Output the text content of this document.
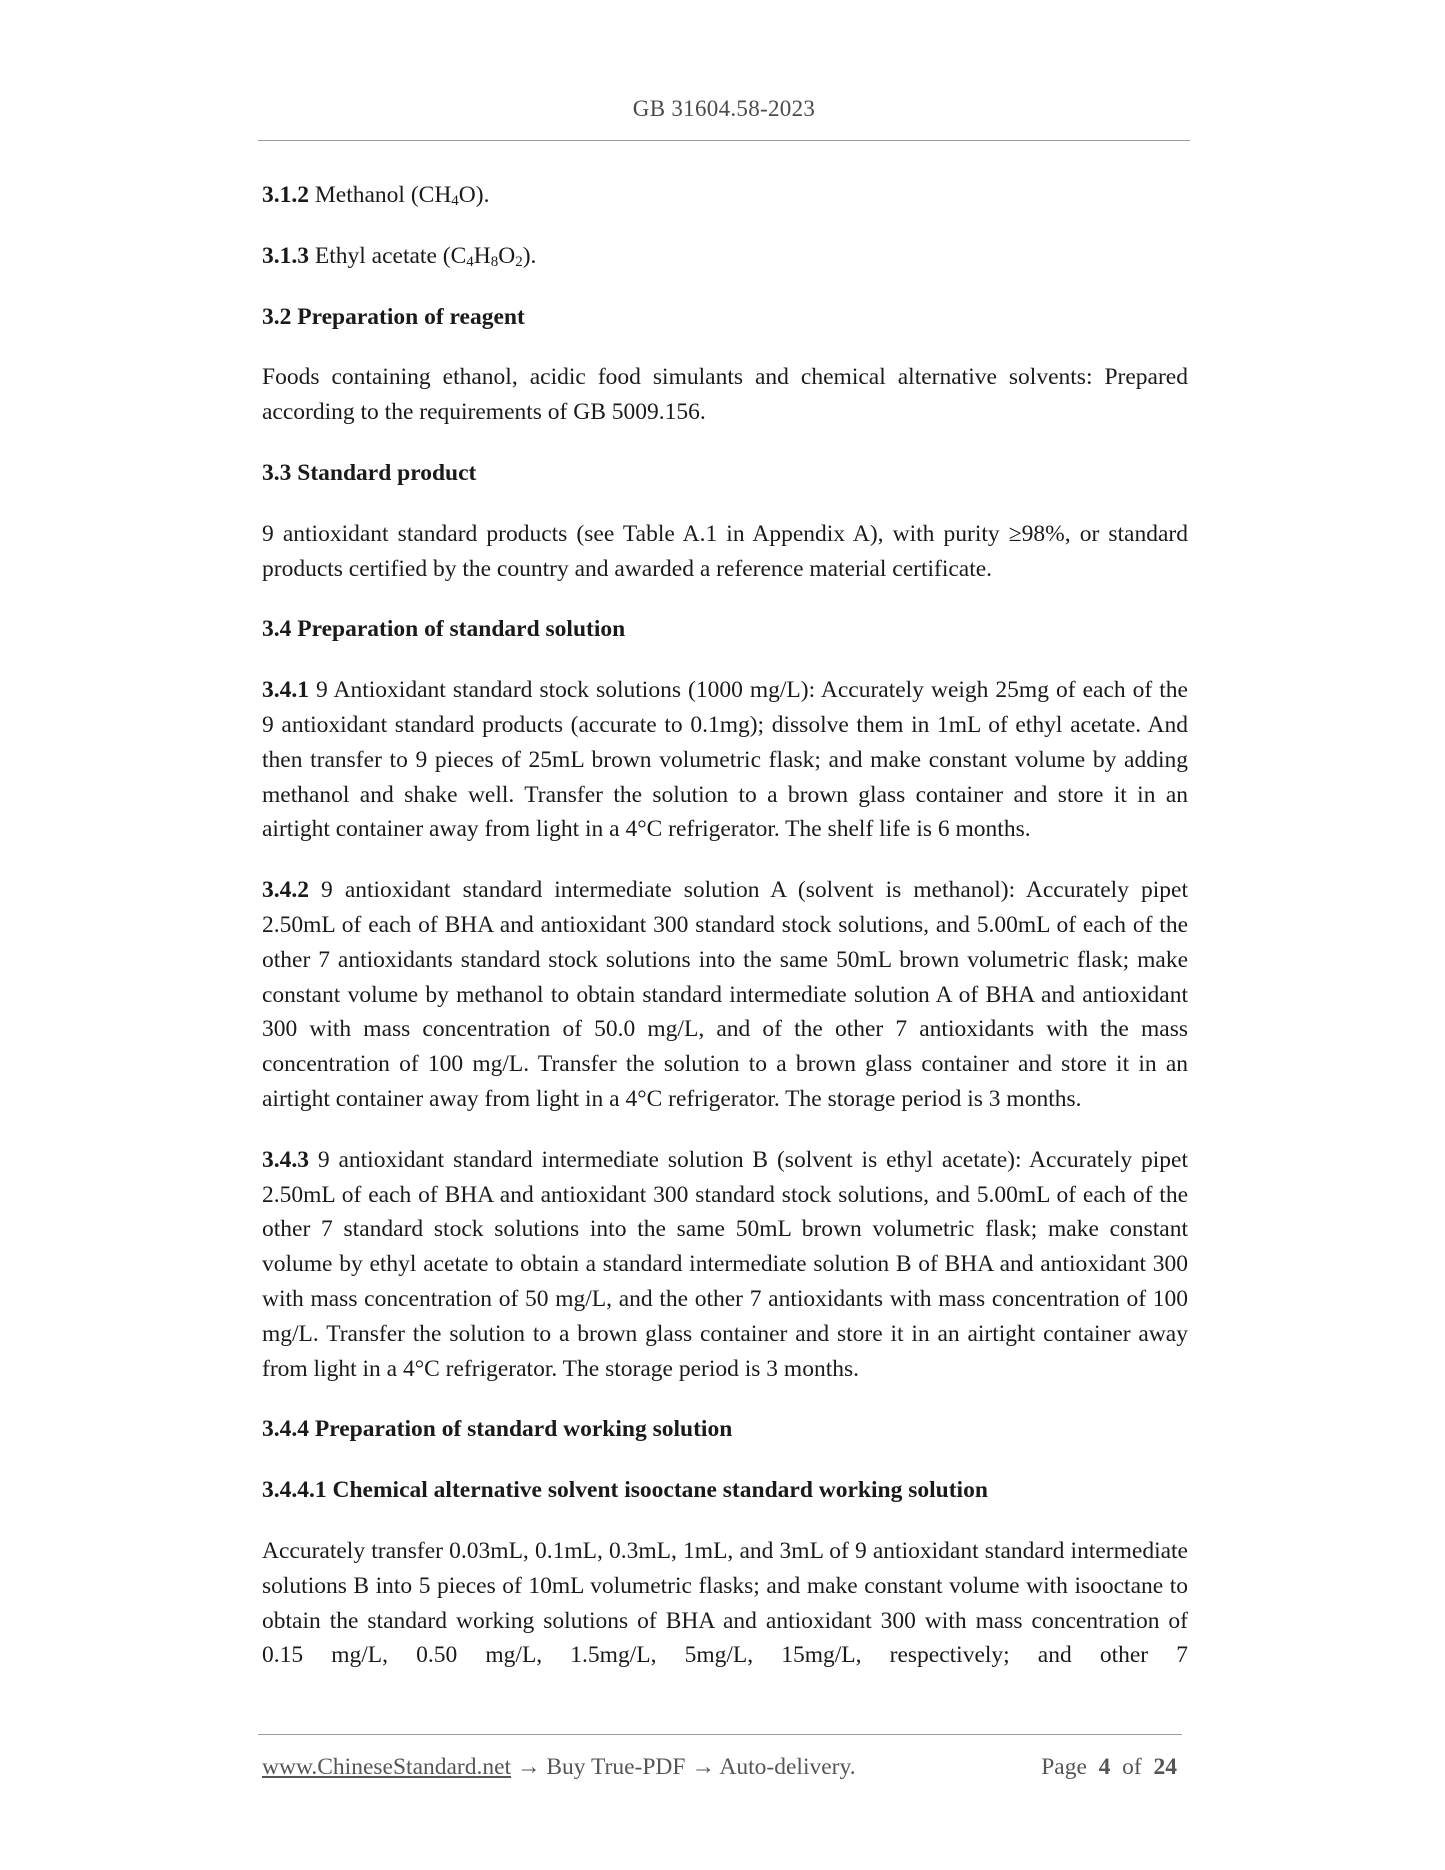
GB 31604.58-2023

3.1.2 Methanol $(CH_4O)$.

3.1.3 Ethyl acetate $(C_4H_8O_2)$.

3.2 Preparation of reagent

Foods containing ethanol, acidic food simulants and chemical alternative solvents: Prepared according to the requirements of GB 5009.156.

3.3 Standard product

9 antioxidant standard products (see Table A.1 in Appendix A), with purity ≥98%, or standard products certified by the country and awarded a reference material certificate.

3.4 Preparation of standard solution

3.4.1 9 Antioxidant standard stock solutions (1000 mg/L): Accurately weigh 25mg of each of the 9 antioxidant standard products (accurate to 0.1mg); dissolve them in 1mL of ethyl acetate. And then transfer to 9 pieces of 25mL brown volumetric flask; and make constant volume by adding methanol and shake well. Transfer the solution to a brown glass container and store it in an airtight container away from light in a 4°C refrigerator. The shelf life is 6 months.

3.4.2 9 antioxidant standard intermediate solution A (solvent is methanol): Accurately pipet 2.50mL of each of BHA and antioxidant 300 standard stock solutions, and 5.00mL of each of the other 7 antioxidants standard stock solutions into the same 50mL brown volumetric flask; make constant volume by methanol to obtain standard intermediate solution A of BHA and antioxidant 300 with mass concentration of 50.0 mg/L, and of the other 7 antioxidants with the mass concentration of 100 mg/L. Transfer the solution to a brown glass container and store it in an airtight container away from light in a 4°C refrigerator. The storage period is 3 months.

3.4.3 9 antioxidant standard intermediate solution B (solvent is ethyl acetate): Accurately pipet 2.50mL of each of BHA and antioxidant 300 standard stock solutions, and 5.00mL of each of the other 7 standard stock solutions into the same 50mL brown volumetric flask; make constant volume by ethyl acetate to obtain a standard intermediate solution B of BHA and antioxidant 300 with mass concentration of 50 mg/L, and the other 7 antioxidants with mass concentration of 100 mg/L. Transfer the solution to a brown glass container and store it in an airtight container away from light in a 4°C refrigerator. The storage period is 3 months.

3.4.4 Preparation of standard working solution

3.4.4.1 Chemical alternative solvent isooctane standard working solution

Accurately transfer 0.03mL, 0.1mL, 0.3mL, 1mL, and 3mL of 9 antioxidant standard intermediate solutions B into 5 pieces of 10mL volumetric flasks; and make constant volume with isooctane to obtain the standard working solutions of BHA and antioxidant 300 with mass concentration of 0.15 mg/L, 0.50 mg/L, 1.5mg/L, 5mg/L, 15mg/L, respectively; and other 7

www.ChineseStandard.net → Buy True-PDF → Auto-delivery.	Page 4 of 24
